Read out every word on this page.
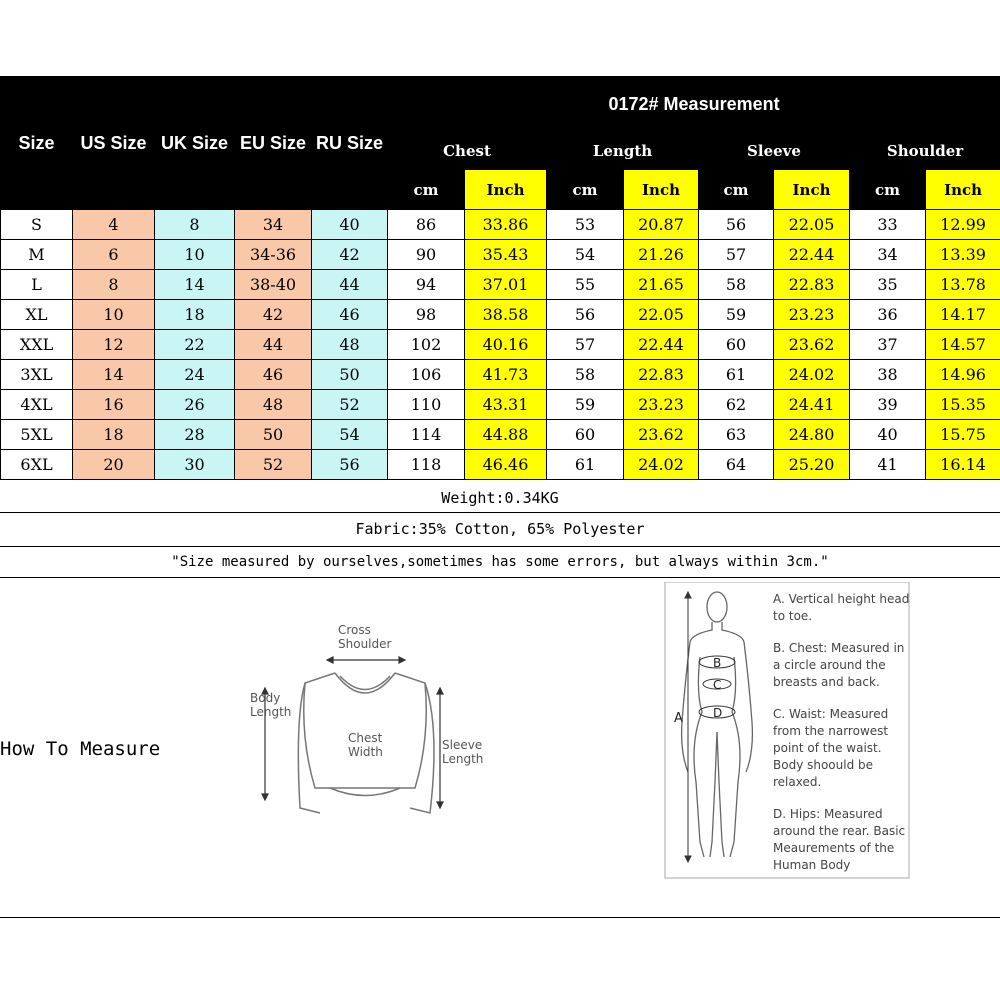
Size	US Size	UK Size	EU Size	RU Size	0172# Measurement							
					Chest		Length		Sleeve		Shoulder	
					cm	Inch	cm	Inch	cm	Inch	cm	Inch
S	4	8	34	40	86	33.86	53	20.87	56	22.05	33	12.99
M	6	10	34-36	42	90	35.43	54	21.26	57	22.44	34	13.39
L	8	14	38-40	44	94	37.01	55	21.65	58	22.83	35	13.78
XL	10	18	42	46	98	38.58	56	22.05	59	23.23	36	14.17
XXL	12	22	44	48	102	40.16	57	22.44	60	23.62	37	14.57
3XL	14	24	46	50	106	41.73	58	22.83	61	24.02	38	14.96
4XL	16	26	48	52	110	43.31	59	23.23	62	24.41	39	15.35
5XL	18	28	50	54	114	44.88	60	23.62	63	24.80	40	15.75
6XL	20	30	52	56	118	46.46	61	24.02	64	25.20	41	16.14
Weight:0.34KG
Fabric:35% Cotton, 65% Polyester
"Size measured by ourselves,sometimes has some errors, but always within 3cm."
How To Measure
Cross
Shoulder
Body
Length
Chest
Width	Sleeve
Length
A
B
C
D

A. Vertical height head to toe.

B. Chest: Measured in a circle around the breasts and back.

C. Waist: Measured from the narrowest point of the waist. Body shoould be relaxed.

D. Hips: Measured around the rear. Basic Meaurements of the Human Body
